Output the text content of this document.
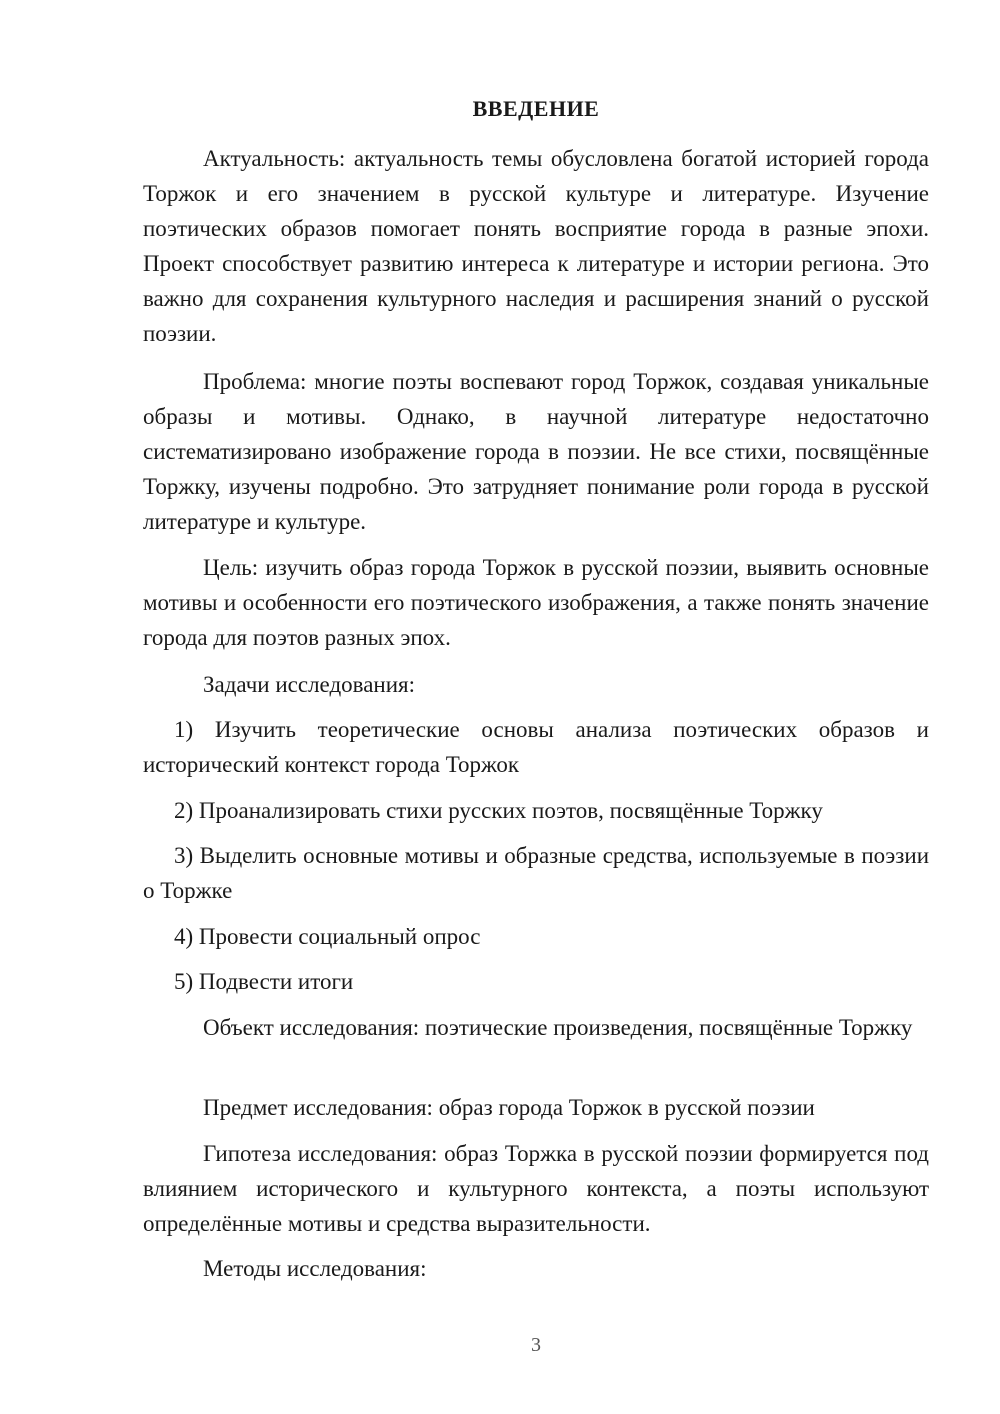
ВВЕДЕНИЕ
Актуальность: актуальность темы обусловлена богатой историей города Торжок и его значением в русской культуре и литературе. Изучение поэтических образов помогает понять восприятие города в разные эпохи. Проект способствует развитию интереса к литературе и истории региона. Это важно для сохранения культурного наследия и расширения знаний о русской поэзии.
Проблема: многие поэты воспевают город Торжок, создавая уникальные образы и мотивы. Однако, в научной литературе недостаточно систематизировано изображение города в поэзии. Не все стихи, посвящённые Торжку, изучены подробно. Это затрудняет понимание роли города в русской литературе и культуре.
Цель: изучить образ города Торжок в русской поэзии, выявить основные мотивы и особенности его поэтического изображения, а также понять значение города для поэтов разных эпох.
Задачи исследования:
1) Изучить теоретические основы анализа поэтических образов и исторический контекст города Торжок
2) Проанализировать стихи русских поэтов, посвящённые Торжку
3) Выделить основные мотивы и образные средства, используемые в поэзии о Торжке
4) Провести социальный опрос
5) Подвести итоги
Объект исследования: поэтические произведения, посвящённые Торжку
Предмет исследования: образ города Торжок в русской поэзии
Гипотеза исследования: образ Торжка в русской поэзии формируется под влиянием исторического и культурного контекста, а поэты используют определённые мотивы и средства выразительности.
Методы исследования:
3
